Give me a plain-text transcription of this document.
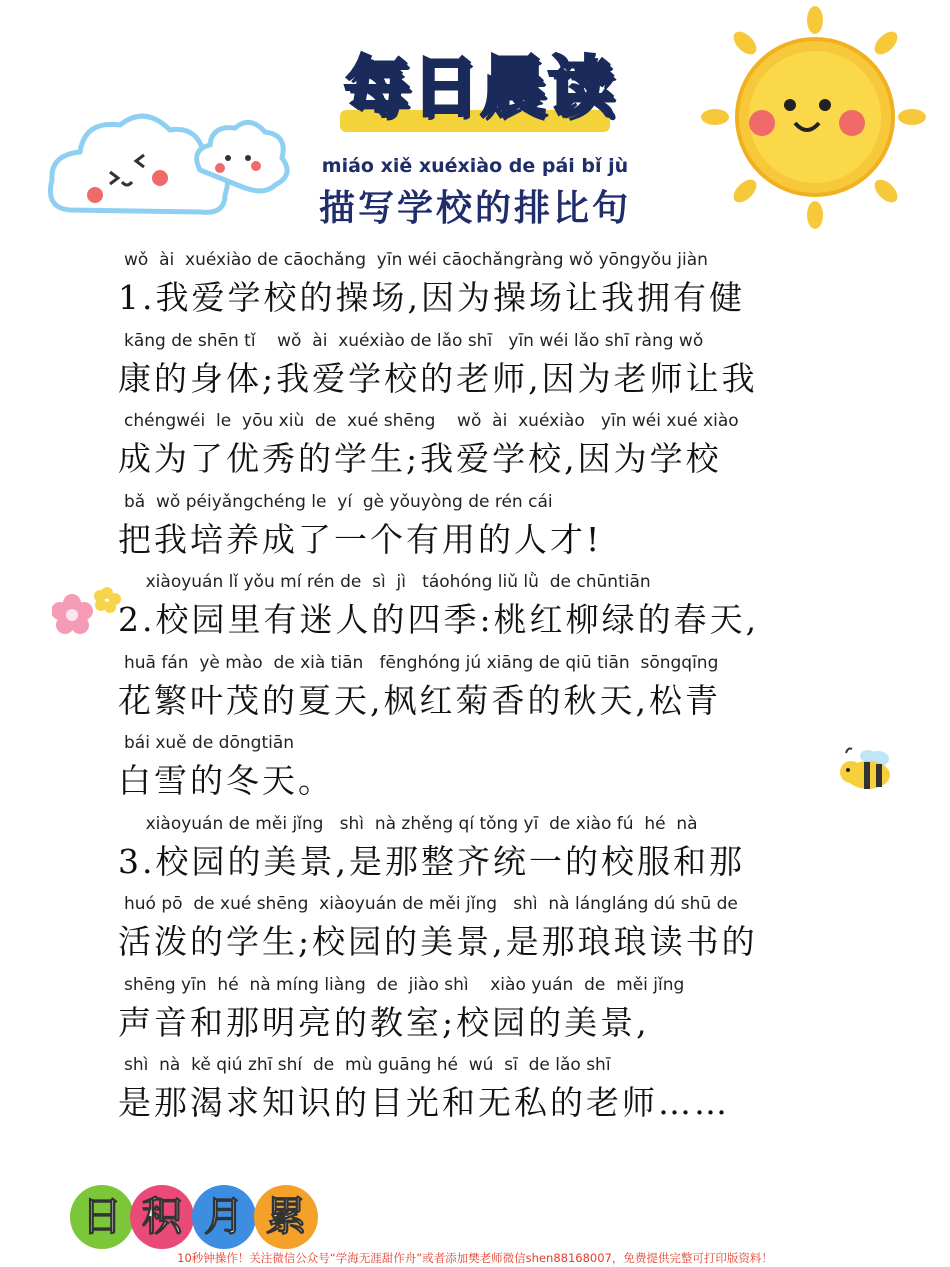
每日晨读
miáo xiě xuéxiào de pái bǐ jù
描写学校的排比句
wǒ  ài  xuéxiào de cāochǎng  yīn wéi cāochǎngràng wǒ yōngyǒu jiàn
1.我爱学校的操场,因为操场让我拥有健
kāng de shēn tǐ    wǒ  ài  xuéxiào de lǎo shī   yīn wéi lǎo shī ràng wǒ
康的身体;我爱学校的老师,因为老师让我
chéngwéi  le  yōu xiù  de  xué shēng    wǒ  ài  xuéxiào   yīn wéi xué xiào
成为了优秀的学生;我爱学校,因为学校
bǎ  wǒ péiyǎngchéng le  yí  gè yǒuyòng de rén cái
把我培养成了一个有用的人才!
xiàoyuán lǐ yǒu mí rén de  sì  jì   táohóng liǔ lǜ  de chūntiān
2.校园里有迷人的四季:桃红柳绿的春天,
huā fán  yè mào  de xià tiān   fēnghóng jú xiāng de qiū tiān  sōngqīng
花繁叶茂的夏天,枫红菊香的秋天,松青
bái xuě de dōngtiān
白雪的冬天。
xiàoyuán de měi jǐng   shì  nà zhěng qí tǒng yī  de xiào fú  hé  nà
3.校园的美景,是那整齐统一的校服和那
huó pō  de xué shēng  xiàoyuán de měi jǐng   shì  nà lángláng dú shū de
活泼的学生;校园的美景,是那琅琅读书的
shēng yīn  hé  nà míng liàng  de  jiào shì    xiào yuán  de  měi jǐng
声音和那明亮的教室;校园的美景,
shì  nà  kě qiú zhī shí  de  mù guāng hé  wú  sī  de lǎo shī
是那渴求知识的目光和无私的老师……
日 积 月 累
10秒钟操作！关注微信公众号“学海无涯甜作舟”或者添加樊老师微信shen88168007，免费提供完整可打印版资料！
